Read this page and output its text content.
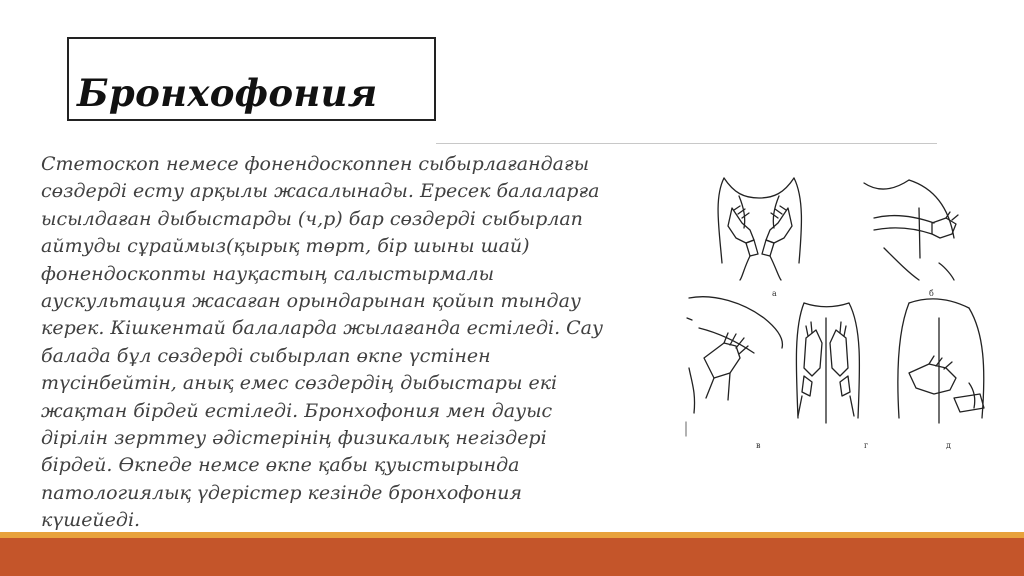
Бронхофония
Стетоскоп немесе фонендоскоппен сыбырлағандағы
сөздерді есту арқылы жасалынады. Ересек балаларға
ысылдаған дыбыстарды (ч,р) бар сөздерді сыбырлап
айтуды сұраймыз(қырық төрт, бір шыны шай)
фонендоскопты науқастың салыстырмалы
аускультация жасаған орындарынан қойып тындау
керек. Кішкентай балаларда жылағанда естіледі. Сау
балада бұл сөздерді сыбырлап өкпе үстінен
түсінбейтін, анық емес сөздердің дыбыстары екі
жақтан бірдей естіледі. Бронхофония мен дауыс
дірілін зерттеу әдістерінің физикалық негіздері
бірдей. Өкпеде немсе өкпе қабы қуыстырында
патологиялық үдерістер кезінде бронхофония
күшейеді.
а	б
в	г	д
